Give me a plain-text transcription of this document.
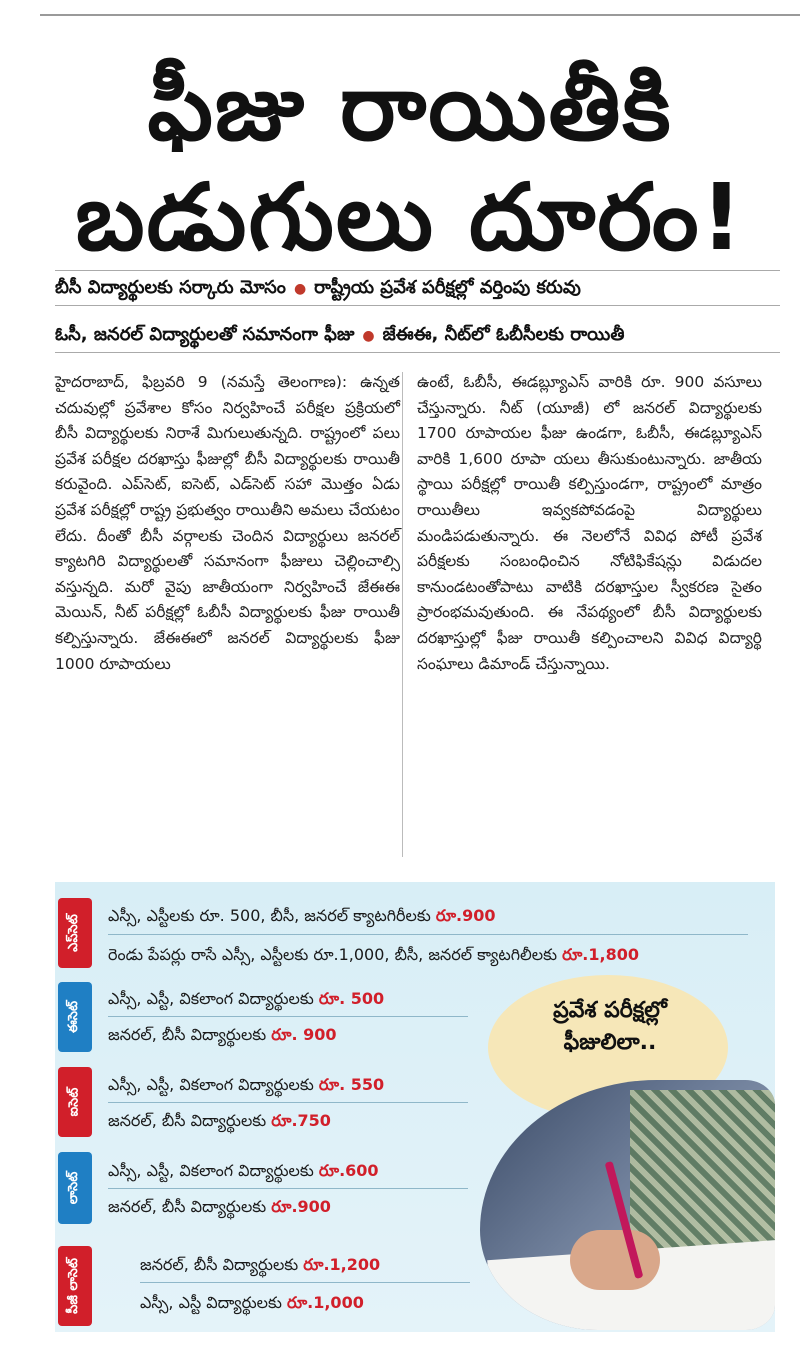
ఫీజు రాయితీకి
బడుగులు దూరం!
బీసీ విద్యార్థులకు సర్కారు మోసం ● రాష్ట్రీయ ప్రవేశ పరీక్షల్లో వర్తింపు కరువు
ఓసీ, జనరల్ విద్యార్థులతో సమానంగా ఫీజు ● జేఈఈ, నీట్‌లో ఓబీసీలకు రాయితీ

హైదరాబాద్, ఫిబ్రవరి 9 (నమస్తే తెలంగాణ): ఉన్నత చదువుల్లో ప్రవేశాల కోసం నిర్వహించే పరీక్షల ప్రక్రియలో బీసీ విద్యార్థులకు నిరాశే మిగులుతున్నది. రాష్ట్రంలో పలు ప్రవేశ పరీక్షల దరఖాస్తు ఫీజుల్లో బీసీ విద్యార్థులకు రాయితీ కరువైంది. ఎప్‌సెట్, ఐసెట్, ఎడ్‌సెట్ సహా మొత్తం ఏడు ప్రవేశ పరీక్షల్లో రాష్ట్ర ప్రభుత్వం రాయితీని అమలు చేయటం లేదు. దీంతో బీసీ వర్గాలకు చెందిన విద్యార్థులు జనరల్ క్యాటగిరి విద్యార్థులతో సమానంగా ఫీజులు చెల్లించాల్సి వస్తున్నది. మరో వైపు జాతీయంగా నిర్వహించే జేఈఈ మెయిన్, నీట్ పరీక్షల్లో ఓబీసీ విద్యార్థులకు ఫీజు రాయితీ కల్పిస్తున్నారు. జేఈఈలో జనరల్ విద్యార్థులకు ఫీజు 1000 రూపాయలు

ఉంటే, ఓబీసీ, ఈడబ్ల్యూఎస్ వారికి రూ. 900 వసూలు చేస్తున్నారు. నీట్ (యూజీ) లో జనరల్ విద్యార్థులకు 1700 రూపాయల ఫీజు ఉండగా, ఓబీసీ, ఈడబ్ల్యూఎస్ వారికి 1,600 రూపా యలు తీసుకుంటున్నారు. జాతీయ స్థాయి పరీక్షల్లో రాయితీ కల్పిస్తుండగా, రాష్ట్రంలో మాత్రం రాయితీలు ఇవ్వకపోవడంపై విద్యార్థులు మండిపడుతున్నారు. ఈ నెలలోనే వివిధ పోటీ ప్రవేశ పరీక్షలకు సంబంధించిన నోటిఫికేషన్లు విడుదల కానుండటంతోపాటు వాటికి దరఖాస్తుల స్వీకరణ సైతం ప్రారంభమవుతుంది. ఈ నేపథ్యంలో బీసీ విద్యార్థులకు దరఖాస్తుల్లో ఫీజు రాయితీ కల్పించాలని వివిధ విద్యార్థి సంఘాలు డిమాండ్ చేస్తున్నాయి.

ప్రవేశ పరీక్షల్లో ఫీజులిలా..
ఎప్‌సెట్ ఎస్సీ, ఎస్టీలకు రూ. 500, బీసీ, జనరల్ క్యాటగిరీలకు రూ.900
రెండు పేపర్లు రాసే ఎస్సీ, ఎస్టీలకు రూ.1,000, బీసీ, జనరల్ క్యాటగిలీలకు రూ.1,800
ఈసెట్
ఎస్సీ, ఎస్టీ, వికలాంగ విద్యార్థులకు రూ. 500
జనరల్, బీసీ విద్యార్థులకు రూ. 900
ఐసెట్
ఎస్సీ, ఎస్టీ, వికలాంగ విద్యార్థులకు రూ. 550
జనరల్, బీసీ విద్యార్థులకు రూ.750
లాసెట్
ఎస్సీ, ఎస్టీ, వికలాంగ విద్యార్థులకు రూ.600
జనరల్, బీసీ విద్యార్థులకు రూ.900
పీజీ లాసెట్	జనరల్, బీసీ విద్యార్థులకు రూ.1,200
ఎస్సీ, ఎస్టీ విద్యార్థులకు రూ.1,000
